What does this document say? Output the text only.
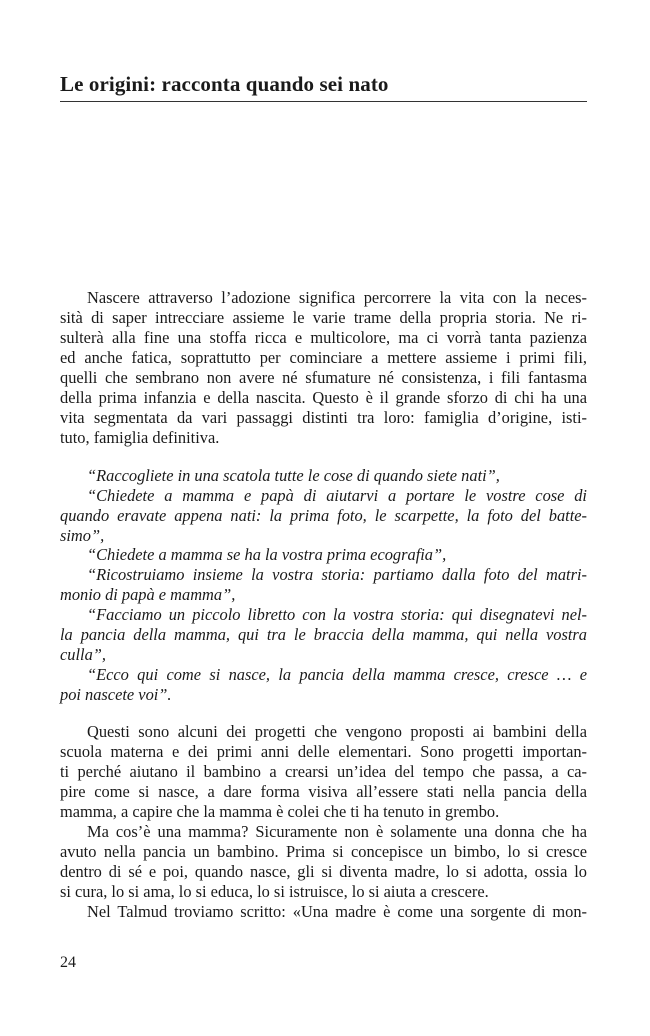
Le origini: racconta quando sei nato
Nascere attraverso l’adozione significa percorrere la vita con la neces-
sità di saper intrecciare assieme le varie trame della propria storia. Ne ri-
sulterà alla fine una stoffa ricca e multicolore, ma ci vorrà tanta pazienza
ed anche fatica, soprattutto per cominciare a mettere assieme i primi fili,
quelli che sembrano non avere né sfumature né consistenza, i fili fantasma
della prima infanzia e della nascita. Questo è il grande sforzo di chi ha una
vita segmentata da vari passaggi distinti tra loro: famiglia d’origine, isti-
tuto, famiglia definitiva.
“Raccogliete in una scatola tutte le cose di quando siete nati”,
“Chiedete a mamma e papà di aiutarvi a portare le vostre cose di
quando eravate appena nati: la prima foto, le scarpette, la foto del batte-
simo”,
“Chiedete a mamma se ha la vostra prima ecografia”,
“Ricostruiamo insieme la vostra storia: partiamo dalla foto del matri-
monio di papà e mamma”,
“Facciamo un piccolo libretto con la vostra storia: qui disegnatevi nel-
la pancia della mamma, qui tra le braccia della mamma, qui nella vostra
culla”,
“Ecco qui come si nasce, la pancia della mamma cresce, cresce … e
poi nascete voi”.
Questi sono alcuni dei progetti che vengono proposti ai bambini della
scuola materna e dei primi anni delle elementari. Sono progetti importan-
ti perché aiutano il bambino a crearsi un’idea del tempo che passa, a ca-
pire come si nasce, a dare forma visiva all’essere stati nella pancia della
mamma, a capire che la mamma è colei che ti ha tenuto in grembo.
Ma cos’è una mamma? Sicuramente non è solamente una donna che ha
avuto nella pancia un bambino. Prima si concepisce un bimbo, lo si cresce
dentro di sé e poi, quando nasce, gli si diventa madre, lo si adotta, ossia lo
si cura, lo si ama, lo si educa, lo si istruisce, lo si aiuta a crescere.
Nel Talmud troviamo scritto: «Una madre è come una sorgente di mon-
24
